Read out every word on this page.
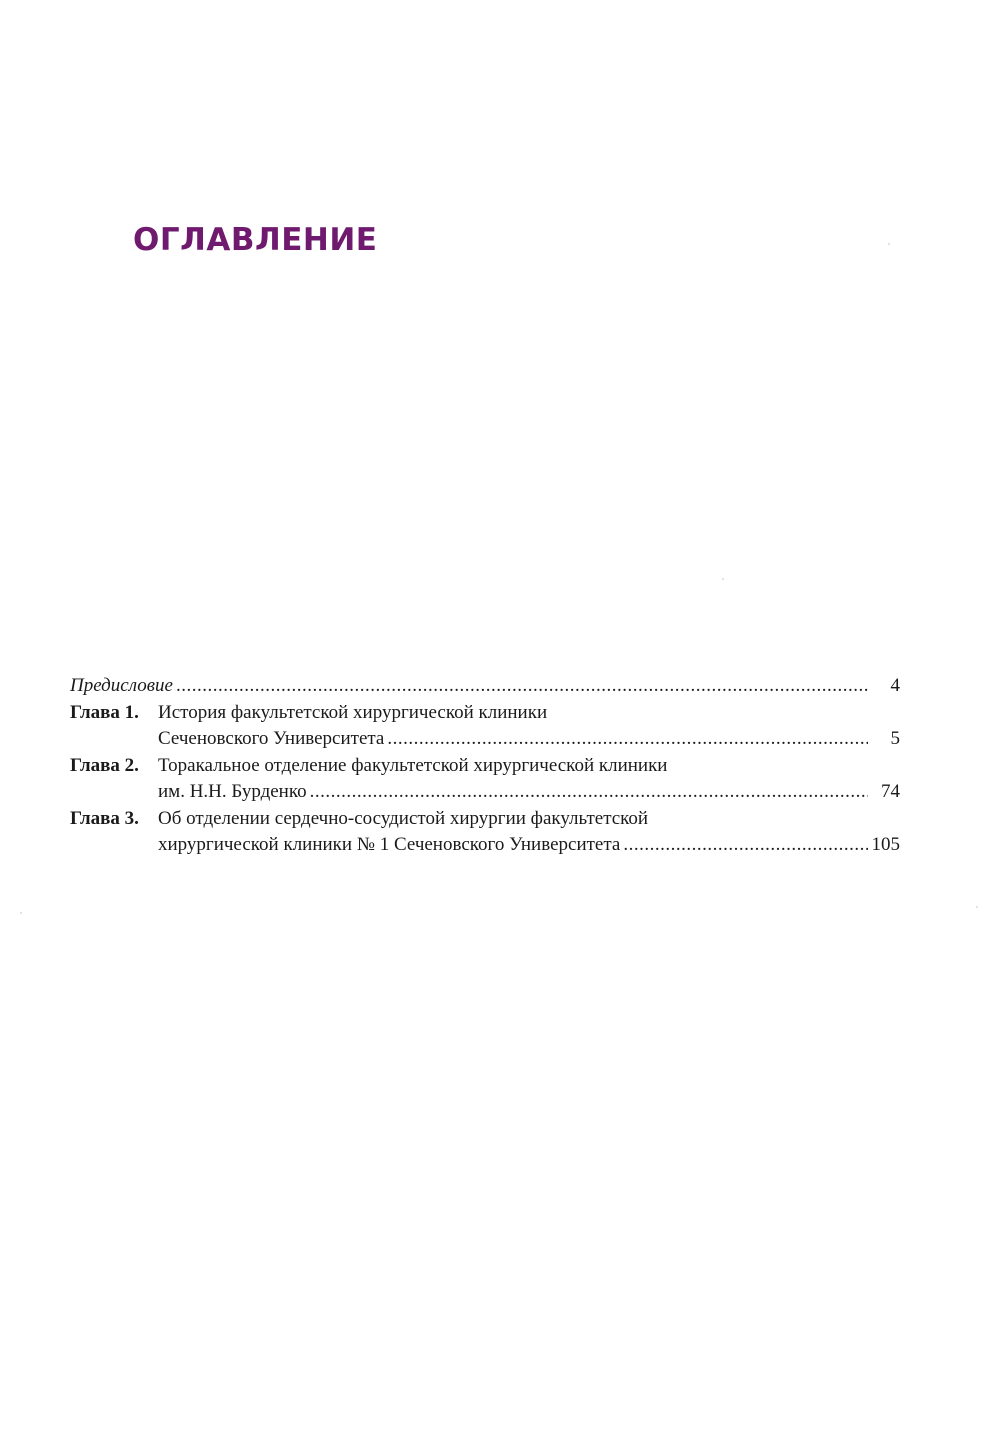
ОГЛАВЛЕНИЕ
Предисловие .....	4
Глава 1. История факультетской хирургической клиники
Сеченовского Университета .....	5
Глава 2. Торакальное отделение факультетской хирургической клиники
им. Н.Н. Бурденко .....	74
Глава 3. Об отделении сердечно-сосудистой хирургии факультетской
хирургической клиники № 1 Сеченовского Университета .....	105
